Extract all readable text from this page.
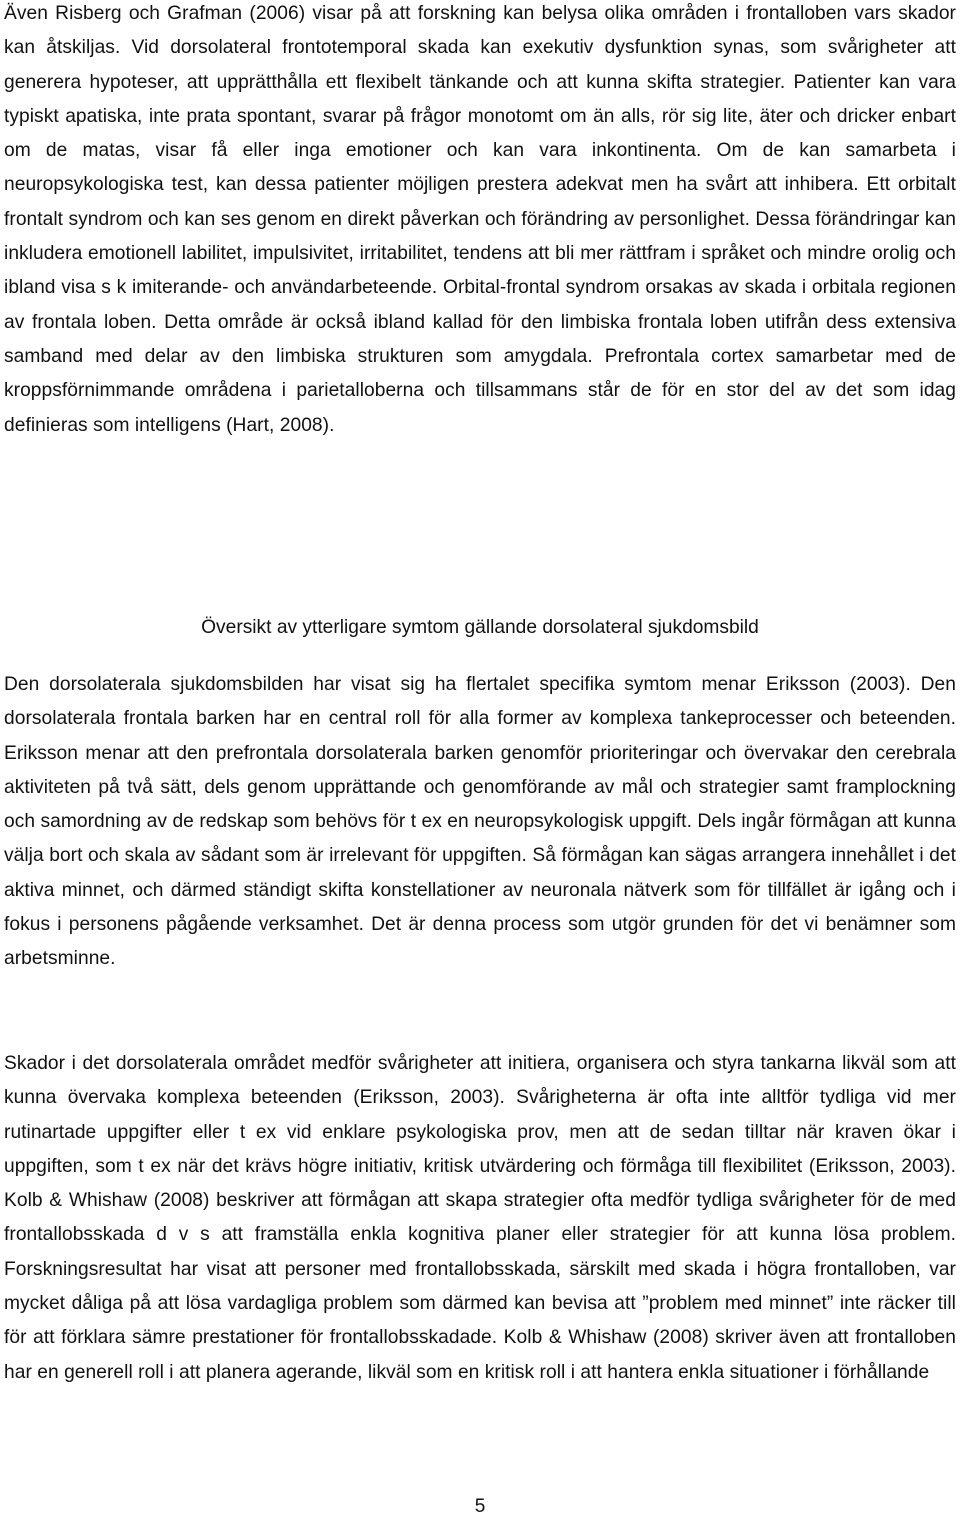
Även Risberg och Grafman (2006) visar på att forskning kan belysa olika områden i frontalloben vars skador kan åtskiljas. Vid dorsolateral frontotemporal skada kan exekutiv dysfunktion synas, som svårigheter att generera hypoteser, att upprätthålla ett flexibelt tänkande och att kunna skifta strategier. Patienter kan vara typiskt apatiska, inte prata spontant, svarar på frågor monotomt om än alls, rör sig lite, äter och dricker enbart om de matas, visar få eller inga emotioner och kan vara inkontinenta. Om de kan samarbeta i neuropsykologiska test, kan dessa patienter möjligen prestera adekvat men ha svårt att inhibera. Ett orbitalt frontalt syndrom och kan ses genom en direkt påverkan och förändring av personlighet. Dessa förändringar kan inkludera emotionell labilitet, impulsivitet, irritabilitet, tendens att bli mer rättfram i språket och mindre orolig och ibland visa s k imiterande- och användarbeteende. Orbital-frontal syndrom orsakas av skada i orbitala regionen av frontala loben. Detta område är också ibland kallad för den limbiska frontala loben utifrån dess extensiva samband med delar av den limbiska strukturen som amygdala. Prefrontala cortex samarbetar med de kroppsförnimmande områdena i parietalloberna och tillsammans står de för en stor del av det som idag definieras som intelligens (Hart, 2008).

Översikt av ytterligare symtom gällande dorsolateral sjukdomsbild

Den dorsolaterala sjukdomsbilden har visat sig ha flertalet specifika symtom menar Eriksson (2003). Den dorsolaterala frontala barken har en central roll för alla former av komplexa tankeprocesser och beteenden. Eriksson menar att den prefrontala dorsolaterala barken genomför prioriteringar och övervakar den cerebrala aktiviteten på två sätt, dels genom upprättande och genomförande av mål och strategier samt framplockning och samordning av de redskap som behövs för t ex en neuropsykologisk uppgift. Dels ingår förmågan att kunna välja bort och skala av sådant som är irrelevant för uppgiften. Så förmågan kan sägas arrangera innehållet i det aktiva minnet, och därmed ständigt skifta konstellationer av neuronala nätverk som för tillfället är igång och i fokus i personens pågående verksamhet. Det är denna process som utgör grunden för det vi benämner som arbetsminne.

Skador i det dorsolaterala området medför svårigheter att initiera, organisera och styra tankarna likväl som att kunna övervaka komplexa beteenden (Eriksson, 2003). Svårigheterna är ofta inte alltför tydliga vid mer rutinartade uppgifter eller t ex vid enklare psykologiska prov, men att de sedan tilltar när kraven ökar i uppgiften, som t ex när det krävs högre initiativ, kritisk utvärdering och förmåga till flexibilitet (Eriksson, 2003). Kolb & Whishaw (2008) beskriver att förmågan att skapa strategier ofta medför tydliga svårigheter för de med frontallobsskada d v s att framställa enkla kognitiva planer eller strategier för att kunna lösa problem. Forskningsresultat har visat att personer med frontallobsskada, särskilt med skada i högra frontalloben, var mycket dåliga på att lösa vardagliga problem som därmed kan bevisa att ”problem med minnet” inte räcker till för att förklara sämre prestationer för frontallobsskadade. Kolb & Whishaw (2008) skriver även att frontalloben har en generell roll i att planera agerande, likväl som en kritisk roll i att hantera enkla situationer i förhållande

5
